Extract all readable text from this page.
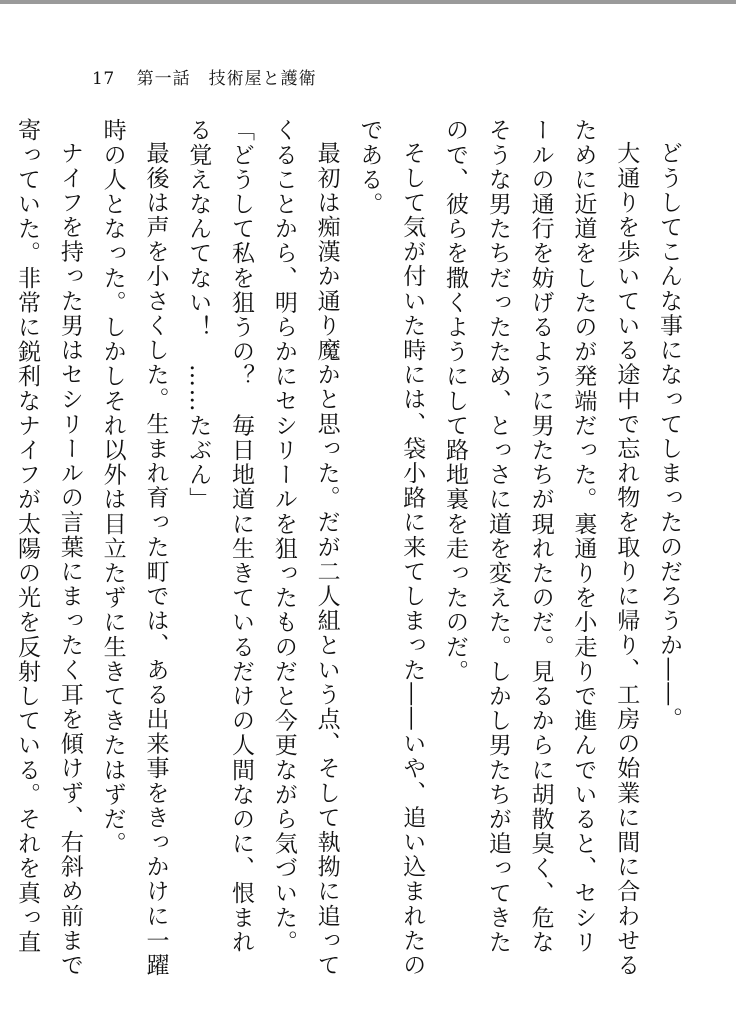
17 第一話　技術屋と護衛

どうしてこんな事になってしまったのだろうか――。

大通りを歩いている途中で忘れ物を取りに帰り、工房の始業に間に合わせるために近道をしたのが発端だった。裏通りを小走りで進んでいると、セシリールの通行を妨げるように男たちが現れたのだ。見るからに胡散臭く、危なそうな男たちだったため、とっさに道を変えた。しかし男たちが追ってきたので、彼らを撒くようにして路地裏を走ったのだ。

そして気が付いた時には、袋小路に来てしまった――いや、追い込まれたのである。

最初は痴漢か通り魔かと思った。だが二人組という点、そして執拗に追ってくることから、明らかにセシリールを狙ったものだと今更ながら気づいた。

「どうして私を狙うの？　毎日地道に生きているだけの人間なのに、恨まれる覚えなんてない！　……たぶん」

最後は声を小さくした。生まれ育った町では、ある出来事をきっかけに一躍時の人となった。しかしそれ以外は目立たずに生きてきたはずだ。

ナイフを持った男はセシリールの言葉にまったく耳を傾けず、右斜め前まで寄っていた。非常に鋭利なナイフが太陽の光を反射している。それを真っ直
